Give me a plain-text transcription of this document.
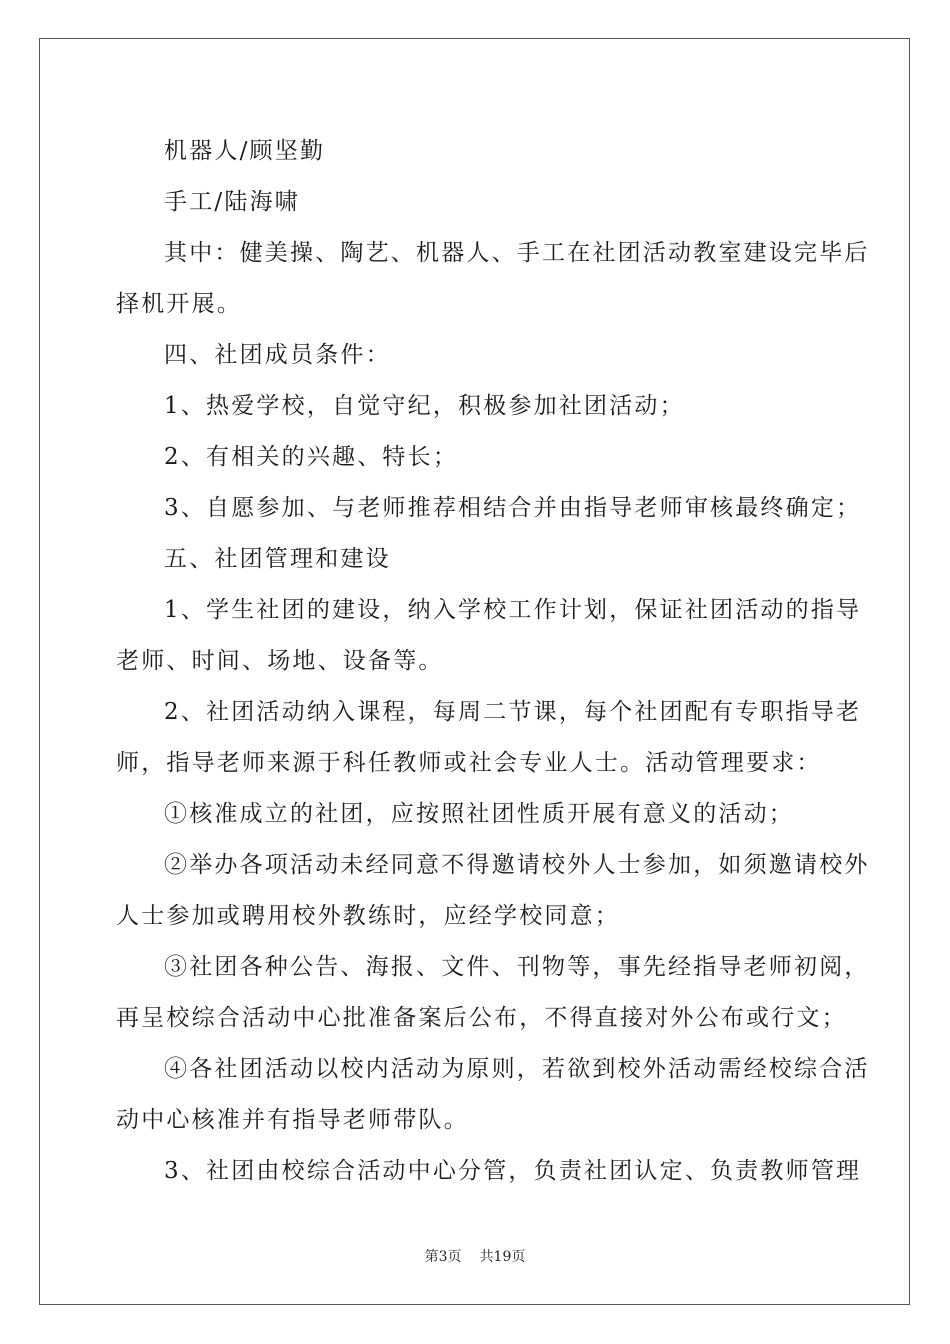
机器人/顾坚勤
手工/陆海啸
其中：健美操、陶艺、机器人、手工在社团活动教室建设完毕后
择机开展。
四、社团成员条件：
1、热爱学校，自觉守纪，积极参加社团活动；
2、有相关的兴趣、特长；
3、自愿参加、与老师推荐相结合并由指导老师审核最终确定；
五、社团管理和建设
1、学生社团的建设，纳入学校工作计划，保证社团活动的指导
老师、时间、场地、设备等。
2、社团活动纳入课程，每周二节课，每个社团配有专职指导老
师，指导老师来源于科任教师或社会专业人士。活动管理要求：
①核准成立的社团，应按照社团性质开展有意义的活动；
②举办各项活动未经同意不得邀请校外人士参加，如须邀请校外
人士参加或聘用校外教练时，应经学校同意；
③社团各种公告、海报、文件、刊物等，事先经指导老师初阅，
再呈校综合活动中心批准备案后公布，不得直接对外公布或行文；
④各社团活动以校内活动为原则，若欲到校外活动需经校综合活
动中心核准并有指导老师带队。
3、社团由校综合活动中心分管，负责社团认定、负责教师管理
第3页 共19页
